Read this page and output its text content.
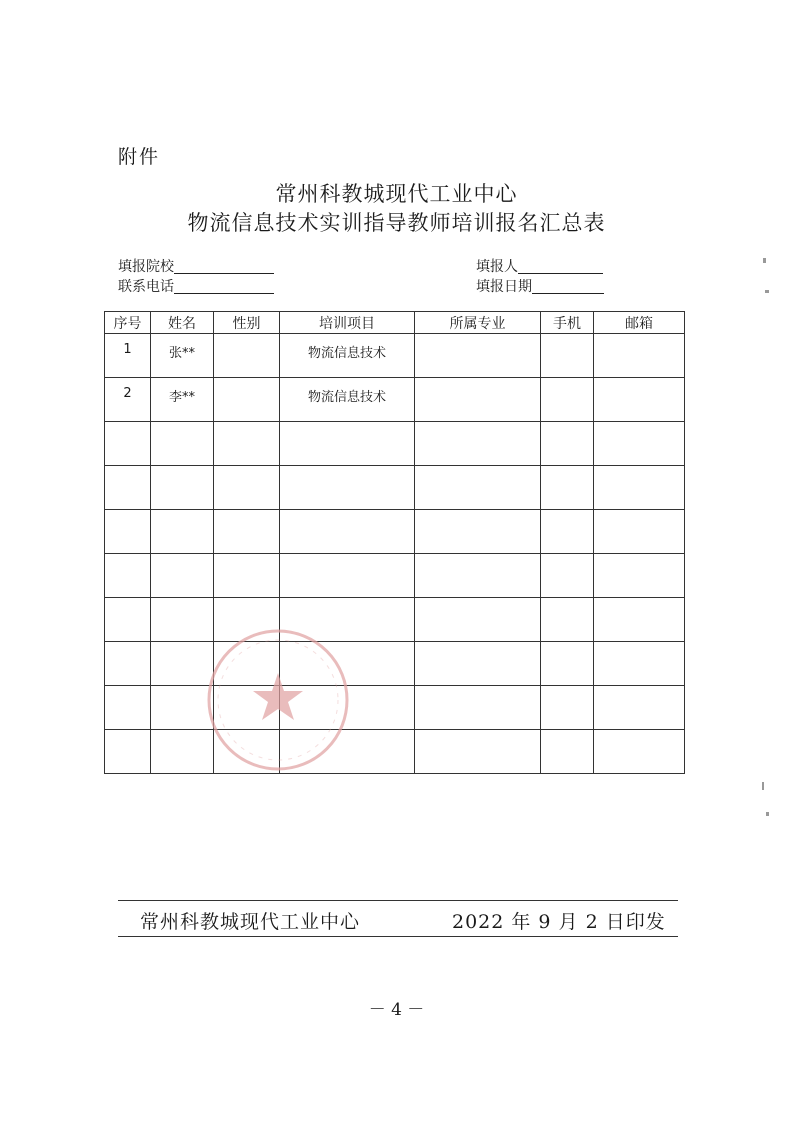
附件
常州科教城现代工业中心
物流信息技术实训指导教师培训报名汇总表
填报院校
联系电话
填报人
填报日期
序号	姓名	性别	培训项目	所属专业	手机	邮箱
1	张**		物流信息技术			
2	李**		物流信息技术			

常州科教城现代工业中心	2022 年 9 月 2 日印发
－ 4 －
